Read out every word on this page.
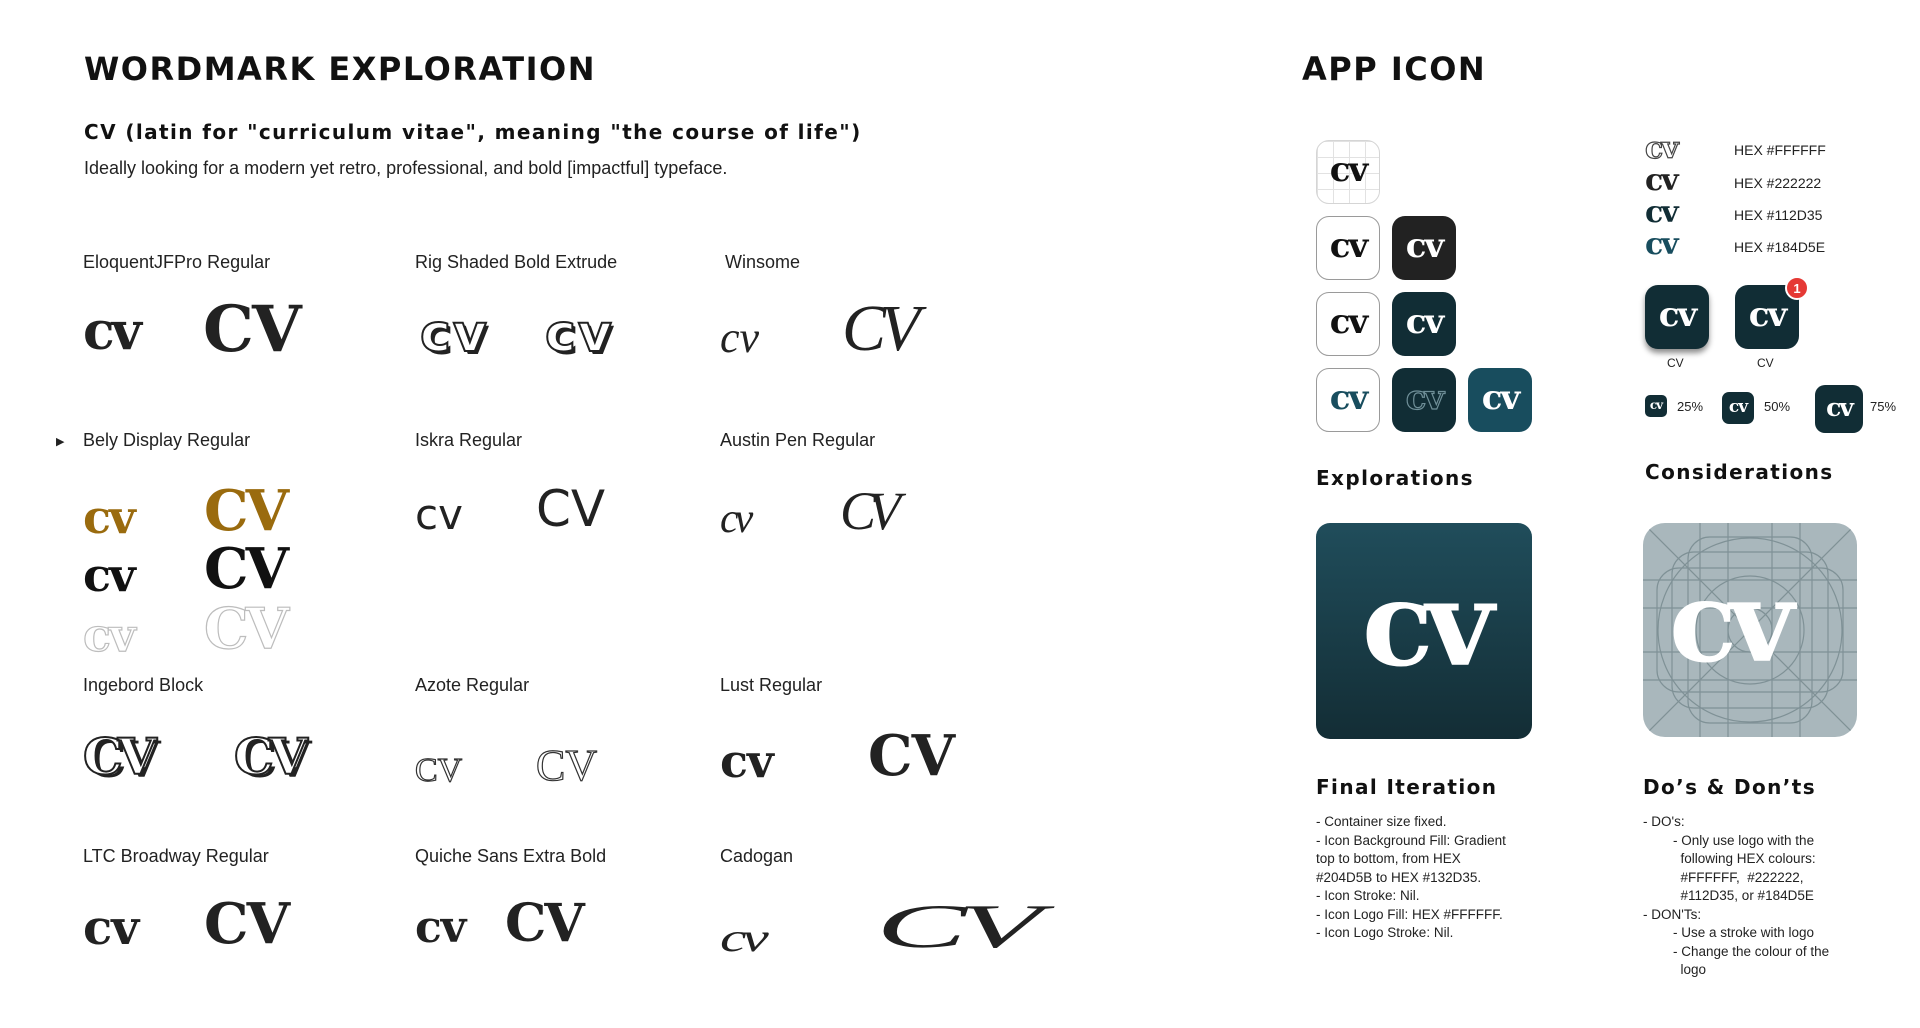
WORDMARK EXPLORATION
CV (latin for "curriculum vitae", meaning "the course of life")
Ideally looking for a modern yet retro, professional, and bold [impactful] typeface.
EloquentJFPro Regular
cv CV
Rig Shaded Bold Extrude
cv cv
Winsome
cv CV
▶ Bely Display Regular
cv CV
cv CV
cv CV
Iskra Regular
cv CV
Austin Pen Regular
cv CV
Ingebord Block
CV CV
Azote Regular
CV CV
Lust Regular
cv CV
LTC Broadway Regular
cv CV
Quiche Sans Extra Bold
cv CV
Cadogan
cv CV
APP ICON
cv
cv cv
cv cv
cv cv cv
Explorations
cv
Final Iteration
- Container size fixed.
- Icon Background Fill: Gradient
top to bottom, from HEX
#204D5B to HEX #132D35.
- Icon Stroke: Nil.
- Icon Logo Fill: HEX #FFFFFF.
- Icon Logo Stroke: Nil.
cv	HEX #FFFFFF
cv	HEX #222222
cv	HEX #112D35
cv	HEX #184D5E
cv
CV
cv
1
CV
cv 25% cv 50% cv 75%
Considerations
cv
Do’s & Don’ts
- DO's:
- Only use logo with the
following HEX colours:
#FFFFFF,  #222222,
#112D35, or #184D5E
- DON'Ts:
- Use a stroke with logo
- Change the colour of the
logo
